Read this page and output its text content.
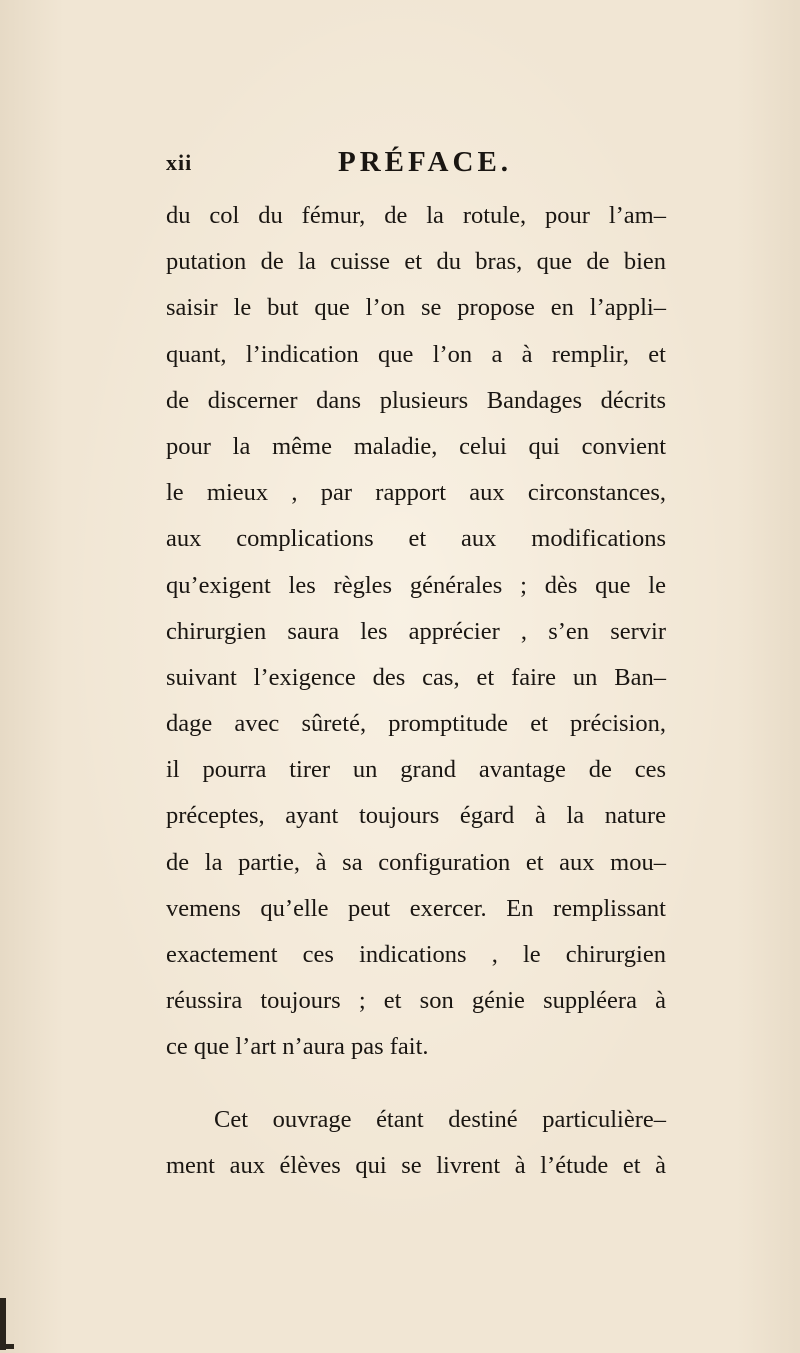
xii	PRÉFACE.
du col du fémur, de la rotule, pour l’am–
putation de la cuisse et du bras, que de bien
saisir le but que l’on se propose en l’appli–
quant, l’indication que l’on a à remplir, et
de discerner dans plusieurs Bandages décrits
pour la même maladie, celui qui convient
le mieux , par rapport aux circonstances,
aux complications et aux modifications
qu’exigent les règles générales ; dès que le
chirurgien saura les apprécier , s’en servir
suivant l’exigence des cas, et faire un Ban–
dage avec sûreté, promptitude et précision,
il pourra tirer un grand avantage de ces
préceptes, ayant toujours égard à la nature
de la partie, à sa configuration et aux mou–
vemens qu’elle peut exercer. En remplissant
exactement ces indications , le chirurgien
réussira toujours ; et son génie suppléera à
ce que l’art n’aura pas fait.
Cet ouvrage étant destiné particulière–
ment aux élèves qui se livrent à l’étude et à
